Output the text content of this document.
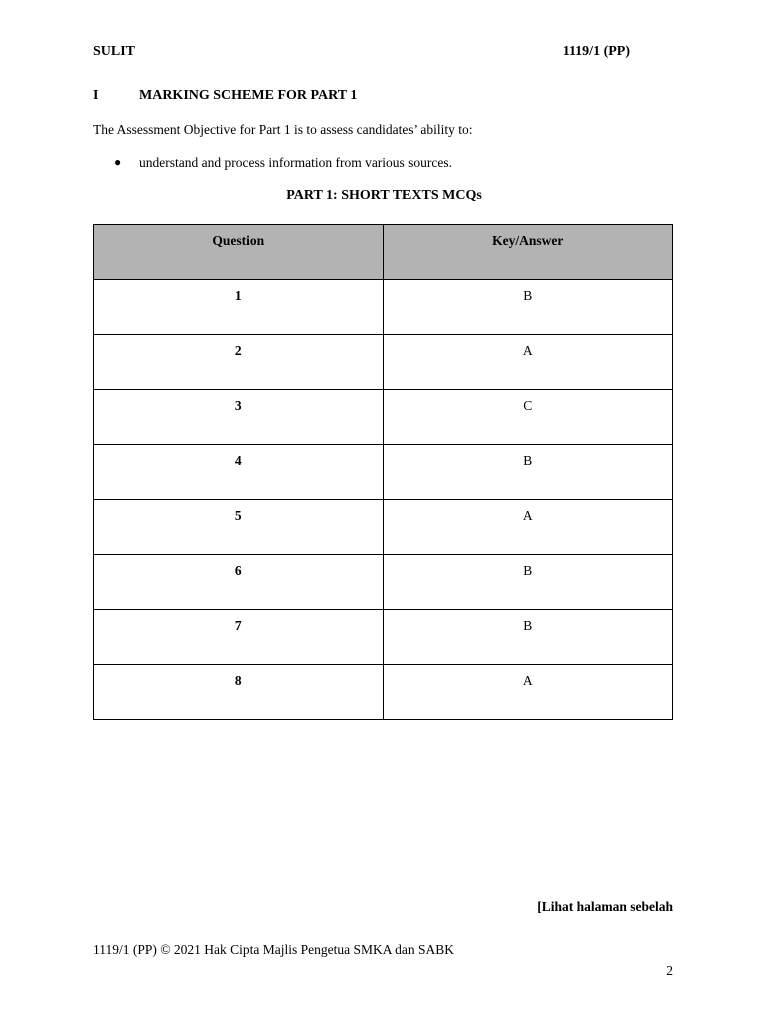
SULIT	1119/1 (PP)
I	MARKING SCHEME FOR PART 1
The Assessment Objective for Part 1 is to assess candidates’ ability to:
● understand and process information from various sources.
PART 1: SHORT TEXTS MCQs
Question	Key/Answer
1	B
2	A
3	C
4	B
5	A
6	B
7	B
8	A
[Lihat halaman sebelah
1119/1 (PP) © 2021 Hak Cipta Majlis Pengetua SMKA dan SABK
2
